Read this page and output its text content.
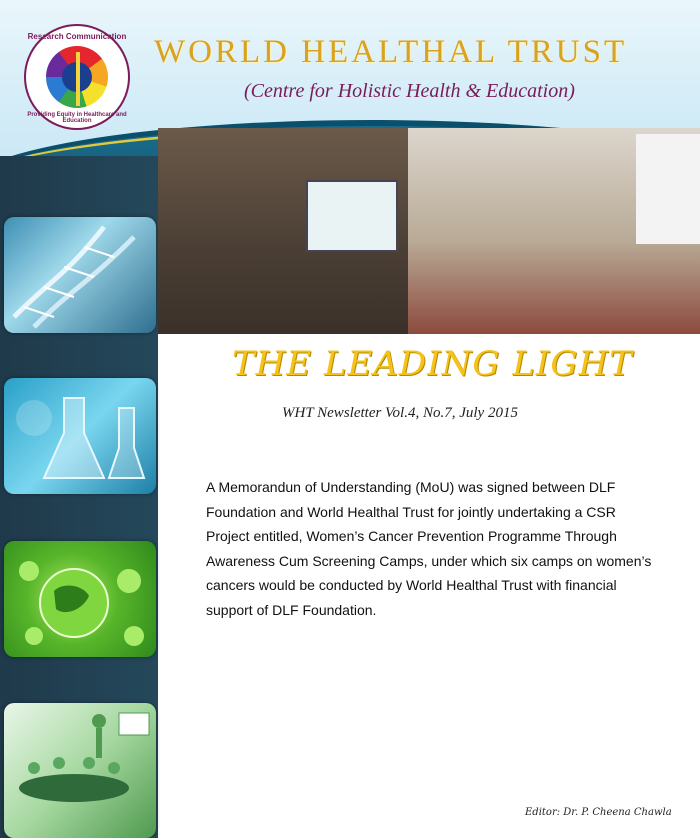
Research Communication
Providing Equity in Healthcare and Education
WORLD HEALTHAL TRUST
(Centre for Holistic Health & Education)
THE LEADING LIGHT
WHT Newsletter Vol.4, No.7, July 2015
A Memorandun of Understanding (MoU) was signed between DLF Foundation and World Healthal Trust for jointly undertaking a CSR Project entitled, Women’s Cancer Prevention Programme Through Awareness Cum Screening Camps, under which six camps on women’s cancers would be conducted by World Healthal Trust with financial support of DLF Foundation.
Editor: Dr. P. Cheena Chawla
